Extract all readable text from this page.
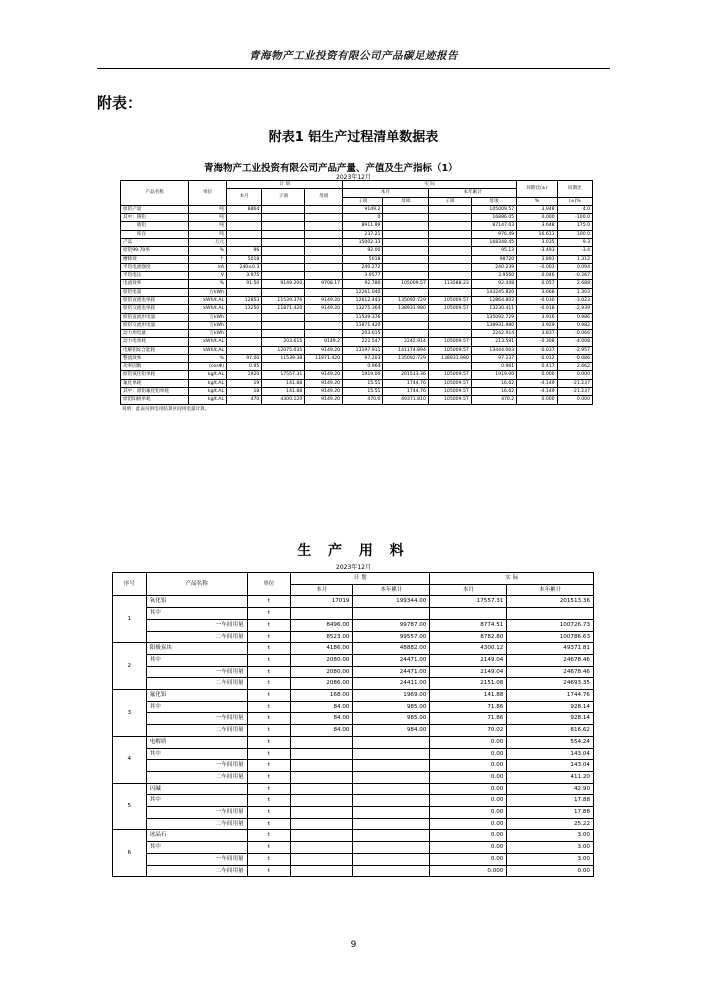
青海物产工业投资有限公司产品碳足迹报告
附表：
附表1 铝生产过程清单数据表
青海物产工业投资有限公司产品产量、产值及生产指标（1）
2023年12月
产品名称	单位	计 划			实 际				环期比(±)	同期比
		本月	子项	母项	本月		本年累计			
					子项	母项	子项	母项	%	(±)%
原铝产量	吨	8864			9149.2			105009.57	3.948	4.0
其中：铸铝	吨				0			16886.05	0.000	-100.0
　　　液铝	吨				8911.99			87147.03	3.648	175.0
　　　库存	吨				237.21			976.49	16.611	100.0
产品	万元				15002.33			168348.45	3.035	9.3
原铝99.70率	%	96			92.00			95.13	-3.493	-3.4
槽除效	个	5018			5018			98720	3.893	1.312
平均电流强度	kA	240±0.3			240.272			240.239	-0.003	0.094
平均电压	V	3.975			3.9577			3.9560	0.046	-0.267
电流效率	%	91.50	9149.200	9708.17	92.780	105009.57	113588.23	92.448	0.057	2.688
原铝电量	万kWh				12261.040			143245.820	3.668	1.303
原铝直流电单耗	kWh/t.AL	12853	11539.376	9149.20	12612.443	135092.729	105009.57	12864.802	-0.030	-3.023
原铝交流电单耗	kWh/t.AL	13250	11871.420	9149.20	13275.364	138931.980	105009.57	13230.411	-0.018	-2.939
原铝直流用电量	万kWh				11539.376			135092.729	3.916	0.986
原铝交流用电量	万kWh				11871.420			138931.980	3.929	0.982
动力用电量	万kWh				203.615			2242.914	3.837	-0.066
动力电单耗	kWh/t.AL		203.615	9149.2	222.547	2242.914	105009.57	213.591	-0.308	-4.008
电解铝综合能耗	kWh/t.AL		12075.035	9149.20	13197.911	141174.894	105009.57	13444.003	-0.037	-2.957
整流效率	%	97.00	11539.38	11871.420	97.203	135092.729	138931.980	97.237	-0.012	-0.086
功率因数	(cosΦ)	0.95			0.964			0.961	0.417	2.662
原铝氧化铝单耗	kg/t.AL	1920	17557.31	9149.20	1919.00	201513.36	105009.57	1919.00	0.000	0.000
氟化单耗	kg/t.AL	19	141.88	9149.20	15.51	1744.76	105009.57	16.62	-4.149	-21.237
其中：原铝氟化铝单耗	kg/t.AL	18	141.88	9149.20	15.51	1744.76	105009.57	16.62	-4.149	-21.237
原铝阳极单耗	kg/t.AL	470	4300.120	9149.20	470.0	49371.810	105009.57	470.2	0.000	0.000
说明：此表仅供电用结算区间用电量计算。
生 产 用 料
2023年12月
序号	产品名称	单位	计 划		实 际	
			本月	本年累计	本月	本年累计
1	氧化铝	t	17019	199344.00	17557.31	201513.36
	其中	t				
	一车间用量	t	8496.00	99787.00	8774.51	100726.73
	二车间用量	t	8523.00	99557.00	8782.80	100786.63
2	阳极炭块	t	4186.00	48882.00	4300.12	49371.81
	其中	t	2080.00	24471.00	2149.04	24678.46
	一车间用量	t	2080.00	24471.00	2149.04	24678.46
	二车间用量	t	2086.00	24411.00	2151.08	24693.35
3	氟化铝	t	168.00	1969.00	141.88	1744.76
	其中	t	84.00	985.00	71.86	928.14
	一车间用量	t	84.00	985.00	71.86	928.14
	二车间用量	t	84.00	984.00	70.02	816.62
4	电解质	t			0.00	554.24
	其中	t			0.00	143.04
	一车间用量	t			0.00	143.04
	二车间用量	t			0.00	411.20
5	闪碱	t			0.00	42.90
	其中	t			0.00	17.88
	一车间用量	t			0.00	17.88
	二车间用量	t			0.00	25.22
6	冰晶石	t			0.00	3.00
	其中	t			0.00	3.00
	一车间用量	t			0.00	3.00
	二车间用量	t			0.000	0.00
9
